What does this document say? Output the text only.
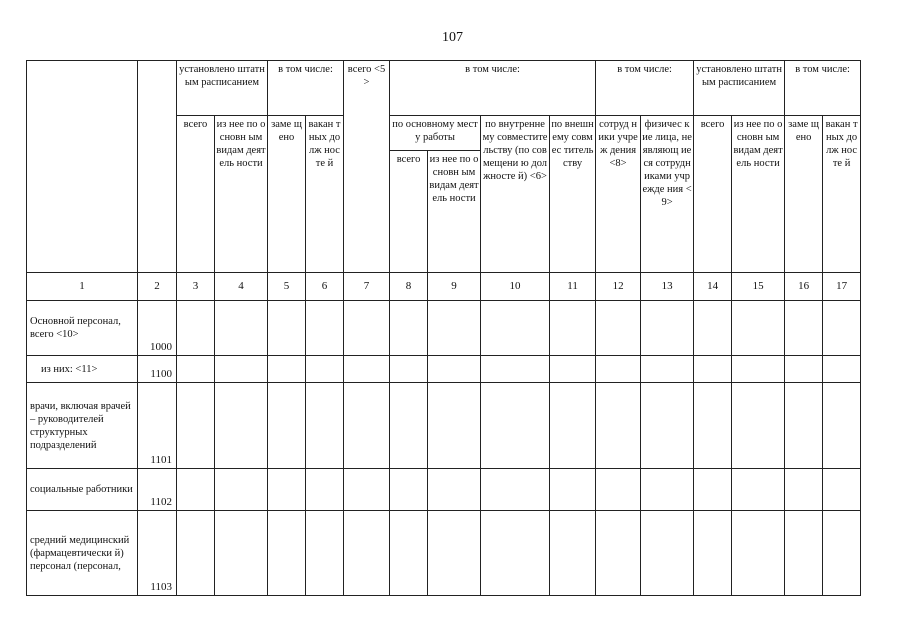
107
		установлено штатным расписанием		в том числе:		всего <5>	в том числе:				в том числе:		установлено штатным расписанием		в том числе:	
		всего	из нее по основн ым видам деятель ности	заме щено	вакан тных долж носте й		по основному месту работы		по внутренне му совместите льству (по совмещени ю должносте й) <6>	по внешн ему совмес титель ству	сотруд ники учреж дения <8>	физичес кие лица, не являющ иеся сотрудн иками учрежде ния <9>	всего	из нее по основн ым видам деятель ности	заме щено	вакан тных долж носте й
							всего	из нее по основн ым видам деятель ности								
1	2	3	4	5	6	7	8	9	10	11	12	13	14	15	16	17
Основной персонал, всего <10>	1000															
из них: <11>	1100															
врачи, включая врачей – руководителей структурных подразделений	1101															
социальные работники	1102															
средний медицинский (фармацевтически й) персонал (персонал,	1103															
